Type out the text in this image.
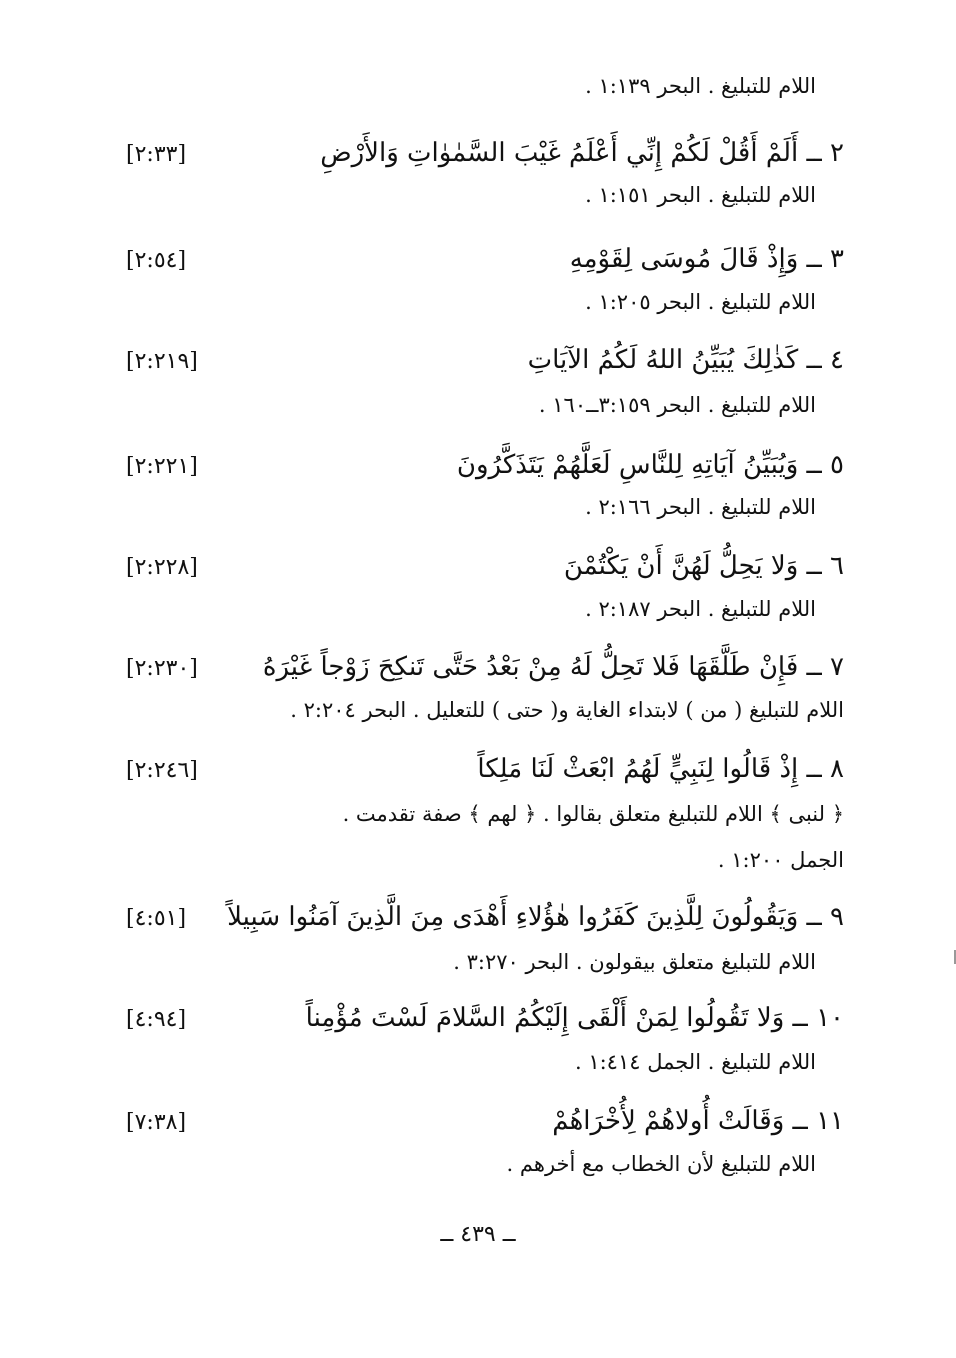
اللام للتبليغ . البحر ١:١٣٩ .
٢ ــ أَلَمْ أَقُلْ لَكُمْ إِنِّي أَعْلَمُ غَيْبَ السَّمٰوٰاتِ وَالأَرْضِ
[٢:٣٣]
اللام للتبليغ . البحر ١:١٥١ .
٣ ــ وَإِذْ قَالَ مُوسَى لِقَوْمِهِ
[٢:٥٤]
اللام للتبليغ . البحر ١:٢٠٥ .
٤ ــ كَذٰلِكَ يُبَيِّنُ اللهُ لَكُمُ الآيَاتِ
[٢:٢١٩]
اللام للتبليغ . البحر ٣:١٥٩ــ١٦٠ .
٥ ــ وَيُبَيِّنُ آيَاتِهِ لِلنَّاسِ لَعَلَّهُمْ يَتَذَكَّرُونَ
[٢:٢٢١]
اللام للتبليغ . البحر ٢:١٦٦ .
٦ ــ وَلا يَحِلُّ لَهُنَّ أَنْ يَكْتُمْنَ
[٢:٢٢٨]
اللام للتبليغ . البحر ٢:١٨٧ .
٧ ــ فَإِنْ طَلَّقَهَا فَلا تَحِلُّ لَهُ مِنْ بَعْدُ حَتَّى تَنكِحَ زَوْجاً غَيْرَهُ
[٢:٢٣٠]
اللام للتبليغ ( من ) لابتداء الغاية و( حتى ) للتعليل . البحر ٢:٢٠٤ .
٨ ــ إِذْ قَالُوا لِنَبِيٍّ لَهُمُ ابْعَثْ لَنَا مَلِكاً
[٢:٢٤٦]
﴿ لنبى ﴾ اللام للتبليغ متعلق بقالوا . ﴿ لهم ﴾ صفة تقدمت .
الجمل ١:٢٠٠ .
٩ ــ وَيَقُولُونَ لِلَّذِينَ كَفَرُوا هٰؤُلاءِ أَهْدَى مِنَ الَّذِينَ آمَنُوا سَبِيلاً
[٤:٥١]
اللام للتبليغ متعلق بيقولون . البحر ٣:٢٧٠ .
١٠ ــ وَلا تَقُولُوا لِمَنْ أَلْقَى إِلَيْكُمُ السَّلامَ لَسْتَ مُؤْمِناً
[٤:٩٤]
اللام للتبليغ . الجمل ١:٤١٤ .
١١ ــ وَقَالَتْ أُولاهُمْ لِأُخْرَاهُمْ
[٧:٣٨]
اللام للتبليغ لأن الخطاب مع أخرهم .
ــ ٤٣٩ ــ
